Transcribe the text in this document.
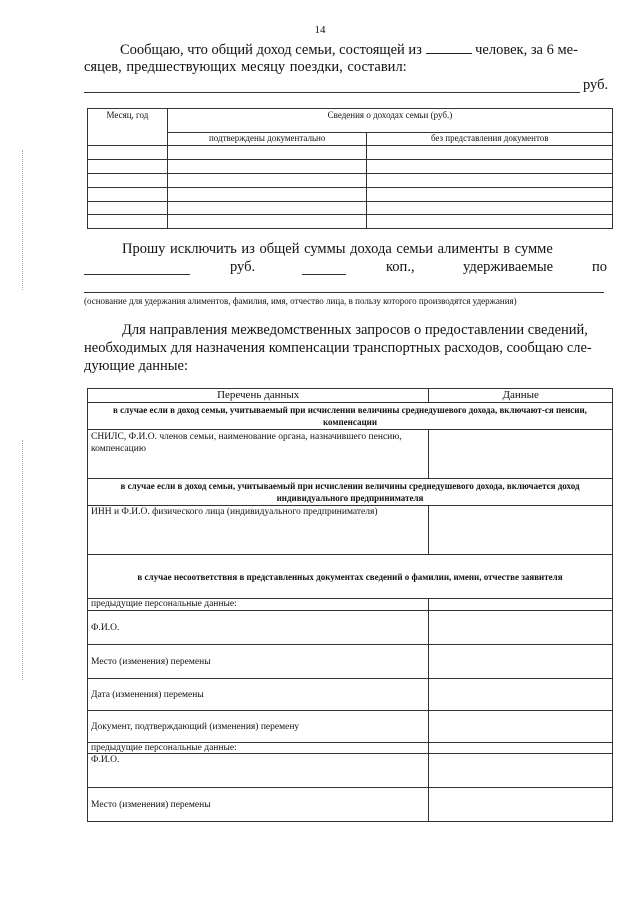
14
Сообщаю, что общий доход семьи, состоящей из	человек, за 6 ме-
сяцев, предшествующих месяцу поездки, составил:
руб.
Месяц, год	Сведения о доходах семьи (руб.)	
	подтверждены документально	без представления документов

Прошу исключить из общей суммы дохода семьи алименты в сумме
руб.	коп.,	удерживаемые	по
(основание для удержания алиментов, фамилия, имя, отчество лица, в пользу которого производятся удержания)
Для направления межведомственных запросов о предоставлении сведений,
необходимых для назначения компенсации транспортных расходов, сообщаю сле-
дующие данные:
Перечень данных	Данные
в случае если в доход семьи, учитываемый при исчислении величины среднедушевого дохода, включают-ся пенсии, компенсации	
СНИЛС, Ф.И.О. членов семьи, наименование органа, назначившего пенсию, компенсацию	
в случае если в доход семьи, учитываемый при исчислении величины среднедушевого дохода, включается доход индивидуального предпринимателя	
ИНН и Ф.И.О. физического лица (индивидуального предпринимателя)	
в случае несоответствия в представленных документах сведений о фамилии, имени, отчестве заявителя	
предыдущие персональные данные:	
Ф.И.О.	
Место (изменения) перемены	
Дата (изменения) перемены	
Документ, подтверждающий (изменения) перемену	
предыдущие персональные данные:	
Ф.И.О.	
Место (изменения) перемены	
